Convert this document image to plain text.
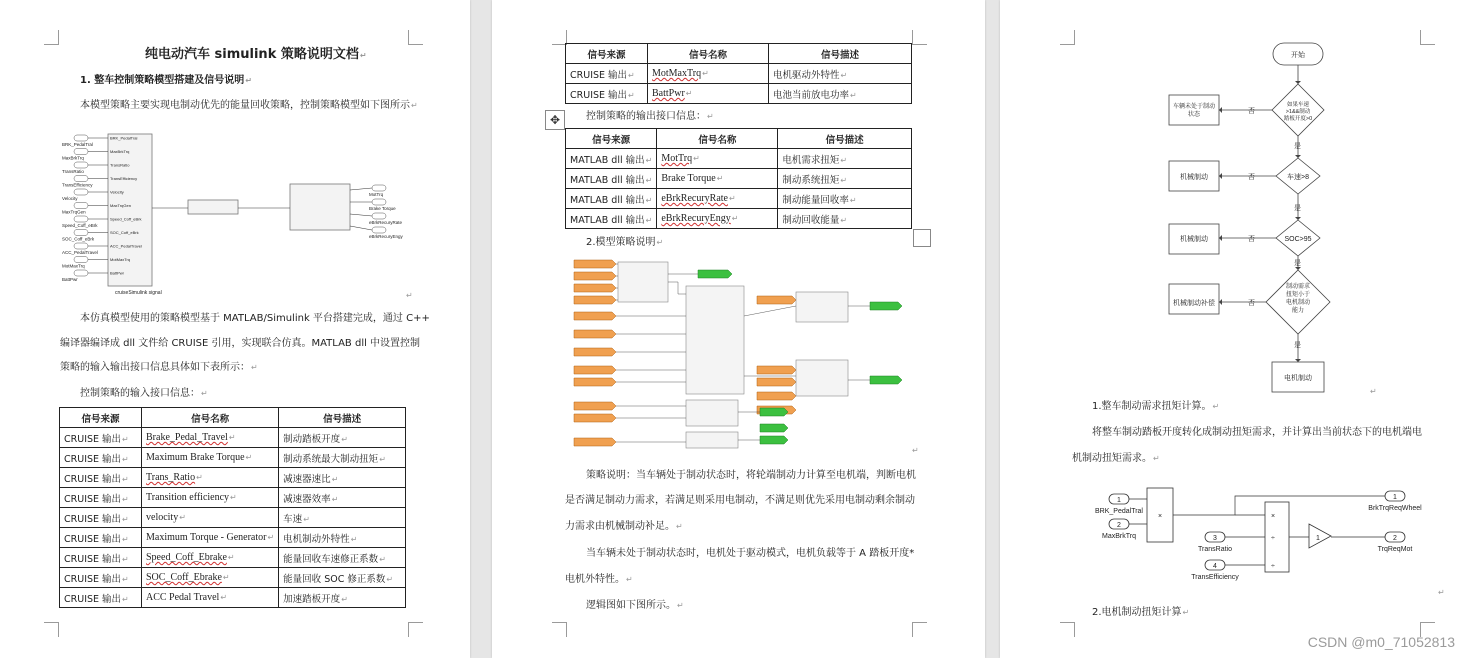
纯电动汽车 simulink 策略说明文档↵
1. 整车控制策略模型搭建及信号说明↵
本模型策略主要实现电制动优先的能量回收策略，控制策略模型如下图所示↵
BRK_PedalTral
BRK_PedalTral
MaxBrkTrq
MaxBrkTrq
TransRatio
TransRatio
TransEfficiency
TransEfficiency
Velocity
Velocity
MaxTrqGen
MaxTrqGen
Speed_Coff_eBrk
Speed_Coff_eBrk
SOC_Coff_eBrk
SOC_Coff_eBrk
ACC_PedalTravel
ACC_PedalTravel
MotMaxTrq
MotMaxTrq
BattPwr
BattPwr
MotTrq
Brake Torque
eBrkRecuryRate
eBrkRecuryEngy
cruiseSimulink signal	↵
本仿真模型使用的策略模型基于 MATLAB/Simulink 平台搭建完成，通过 C++
编译器编译成 dll 文件给 CRUISE 引用，实现联合仿真。MATLAB dll 中设置控制
策略的输入输出接口信息具体如下表所示：↵
控制策略的输入接口信息：↵
信号来源	信号名称	信号描述
CRUISE 输出↵	Brake_Pedal_Travel↵	制动踏板开度↵
CRUISE 输出↵	Maximum Brake Torque↵	制动系统最大制动扭矩↵
CRUISE 输出↵	Trans_Ratio↵	减速器速比↵
CRUISE 输出↵	Transition efficiency↵	减速器效率↵
CRUISE 输出↵	velocity↵	车速↵
CRUISE 输出↵	Maximum Torque - Generator↵	电机制动外特性↵
CRUISE 输出↵	Speed_Coff_Ebrake↵	能量回收车速修正系数↵
CRUISE 输出↵	SOC_Coff_Ebrake↵	能量回收 SOC 修正系数↵
CRUISE 输出↵	ACC Pedal Travel↵	加速踏板开度↵
信号来源	信号名称	信号描述
CRUISE 输出↵	MotMaxTrq↵	电机驱动外特性↵
CRUISE 输出↵	BattPwr↵	电池当前放电功率↵
✥	控制策略的输出接口信息：↵
信号来源	信号名称	信号描述
MATLAB dll 输出↵	MotTrq↵	电机需求扭矩↵
MATLAB dll 输出↵	Brake Torque↵	制动系统扭矩↵
MATLAB dll 输出↵	eBrkRecuryRate↵	制动能量回收率↵
MATLAB dll 输出↵	eBrkRecuryEngy↵	制动回收能量↵
2.模型策略说明↵
↵
策略说明：当车辆处于制动状态时，将轮端制动力计算至电机端，判断电机
是否满足制动力需求，若满足则采用电制动，不满足则优先采用电制动剩余制动
力需求由机械制动补足。↵
当车辆未处于制动状态时，电机处于驱动模式，电机负载等于 A 踏板开度*
电机外特性。↵
逻辑图如下图所示。↵
开始
如果车速>1&&制动踏板开度>0
车速>8
SOC>95
制动需求扭矩小于电机制动能力
电机制动
车辆未处于制动状态
机械制动
机械制动
机械制动补偿
否
否
否
否
是
是
是
是
↵
1.整车制动需求扭矩计算。↵
将整车制动踏板开度转化成制动扭矩需求，并计算出当前状态下的电机端电
机制动扭矩需求。↵
1
2
3
4
1
2
BRK_PedalTral
MaxBrkTrq
TransRatio
TransEfficiency
BrkTrqReqWheel
TrqReqMot
×	×
÷
÷
1
↵
2.电机制动扭矩计算↵
CSDN @m0_71052813
